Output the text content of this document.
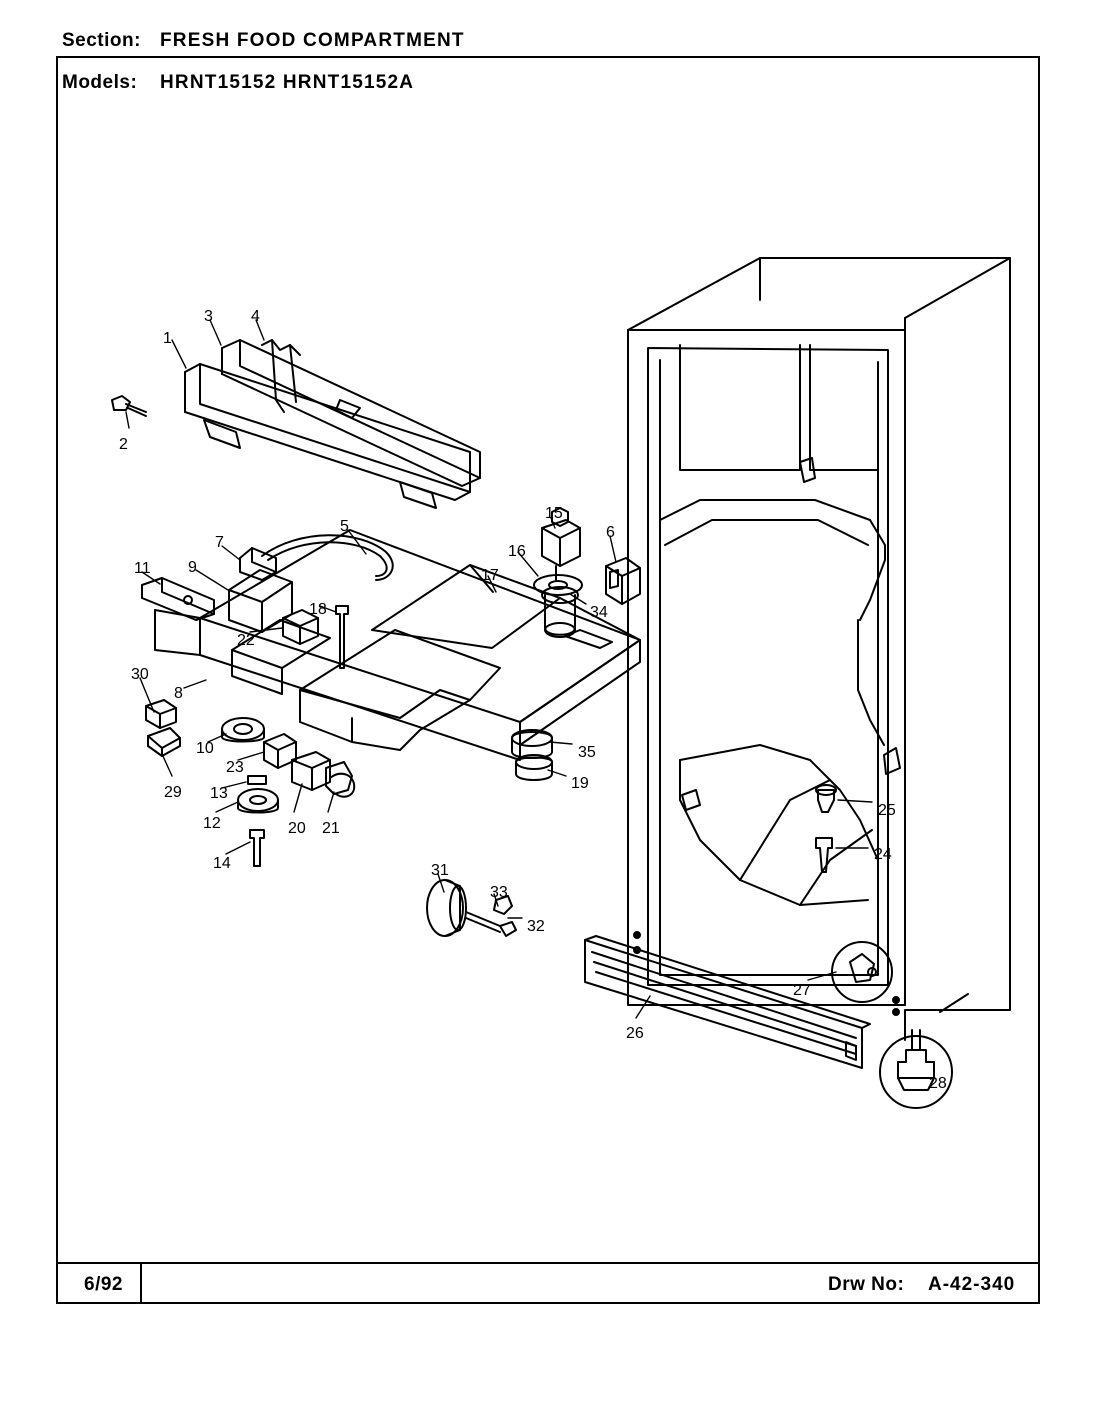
Section: FRESH FOOD COMPARTMENT
Models: HRNT15152 HRNT15152A
6/92	Drw No: A-42-340
1
2
3 4
5	6
7
8
9
10
11
12
13
14
15
16
17
18
19
20 21
22
23
24
25
26
27
28
29
30
31
32
33
34
35
